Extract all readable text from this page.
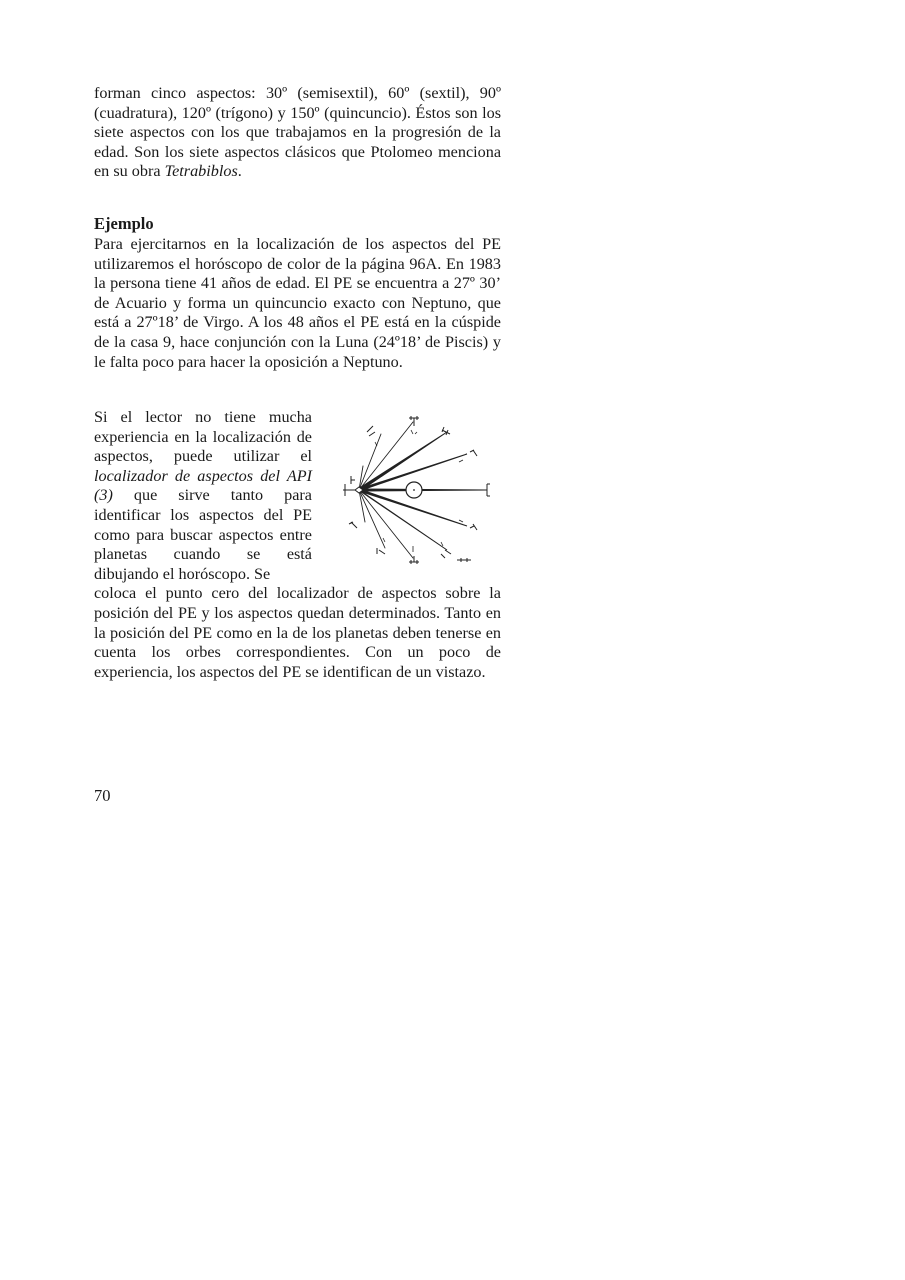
forman cinco aspectos: 30º (semisextil), 60º (sextil), 90º (cuadratura), 120º (trígono) y 150º (quincuncio). Éstos son los siete aspectos con los que trabajamos en la progresión de la edad. Son los siete aspectos clásicos que Ptolomeo menciona en su obra Tetrabiblos.

Ejemplo

Para ejercitarnos en la localización de los aspectos del PE utilizaremos el horóscopo de color de la página 96A. En 1983 la persona tiene 41 años de edad. El PE se encuentra a 27º 30’ de Acuario y forma un quincuncio exacto con Neptuno, que está a 27º18’ de Virgo. A los 48 años el PE está en la cúspide de la casa 9, hace conjunción con la Luna (24º18’ de Piscis) y le falta poco para hacer la oposición a Neptuno.

Si el lector no tiene mucha experiencia en la localización de aspectos, puede utilizar el localizador de aspectos del API (3) que sirve tanto para identificar los aspectos del PE como para buscar aspectos entre planetas cuando se está dibujando el horóscopo. Se

coloca el punto cero del localizador de aspectos sobre la posición del PE y los aspectos quedan determinados. Tanto en la posición del PE como en la de los planetas deben tenerse en cuenta los orbes correspondientes. Con un poco de experiencia, los aspectos del PE se identifican de un vistazo.

70
